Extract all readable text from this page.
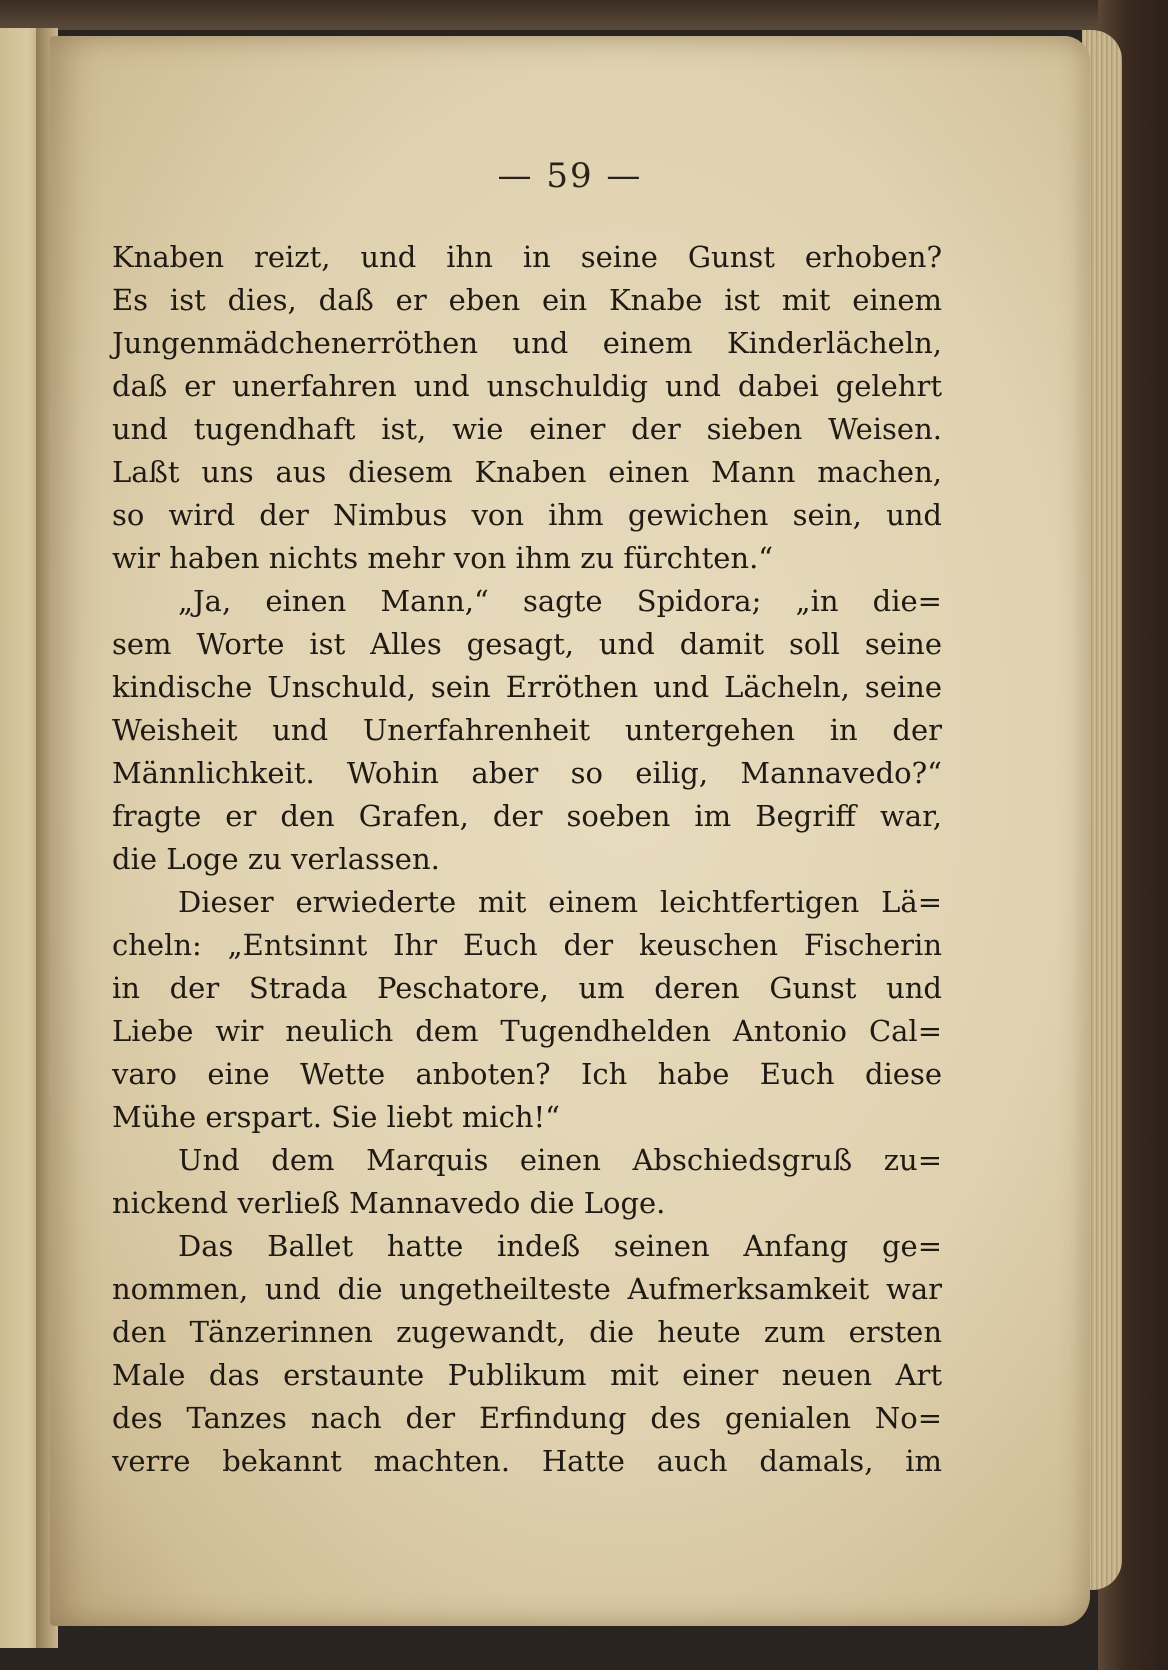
— 59 —
Knaben reizt, und ihn in seine Gunst erhoben?
Es ist dies, daß er eben ein Knabe ist mit einem
Jungenmädchenerröthen und einem Kinderlächeln,
daß er unerfahren und unschuldig und dabei gelehrt
und tugendhaft ist, wie einer der sieben Weisen.
Laßt uns aus diesem Knaben einen Mann machen,
so wird der Nimbus von ihm gewichen sein, und
wir haben nichts mehr von ihm zu fürchten.“
„Ja, einen Mann,“ sagte Spidora; „in die=
sem Worte ist Alles gesagt, und damit soll seine
kindische Unschuld, sein Erröthen und Lächeln, seine
Weisheit und Unerfahrenheit untergehen in der
Männlichkeit. Wohin aber so eilig, Mannavedo?“
fragte er den Grafen, der soeben im Begriff war,
die Loge zu verlassen.
Dieser erwiederte mit einem leichtfertigen Lä=
cheln: „Entsinnt Ihr Euch der keuschen Fischerin
in der Strada Peschatore, um deren Gunst und
Liebe wir neulich dem Tugendhelden Antonio Cal=
varo eine Wette anboten? Ich habe Euch diese
Mühe erspart. Sie liebt mich!“
Und dem Marquis einen Abschiedsgruß zu=
nickend verließ Mannavedo die Loge.
Das Ballet hatte indeß seinen Anfang ge=
nommen, und die ungetheilteste Aufmerksamkeit war
den Tänzerinnen zugewandt, die heute zum ersten
Male das erstaunte Publikum mit einer neuen Art
des Tanzes nach der Erfindung des genialen No=
verre bekannt machten. Hatte auch damals, im
